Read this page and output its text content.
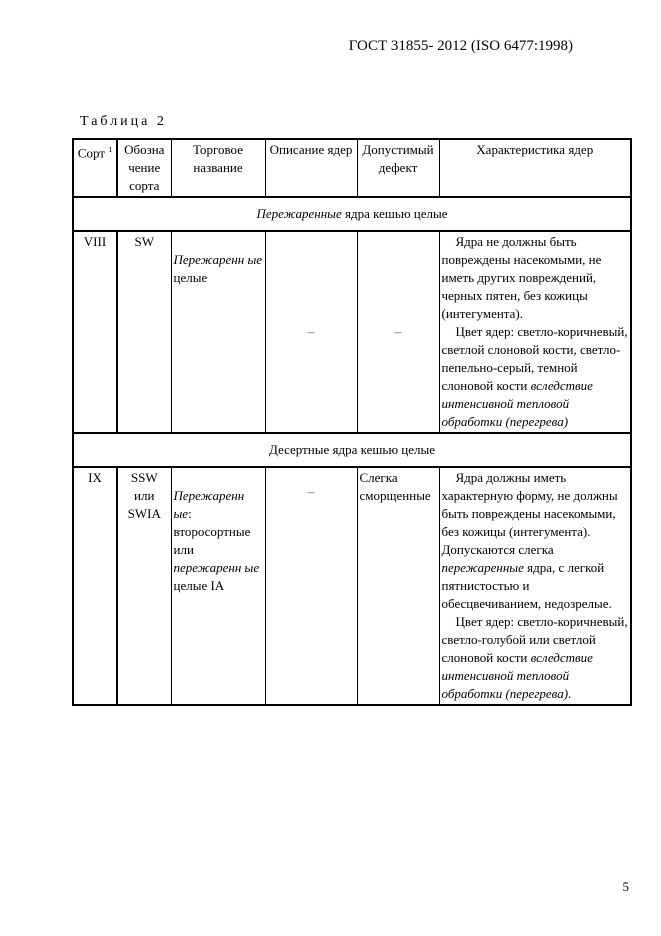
ГОСТ 31855- 2012 (ISO 6477:1998)
Таблица 2
Сорт $^1$	Обозна чение сорта	Торговое название	Описание ядер	Допустимый дефект	Характеристика ядер
Пережаренные ядра кешью целые					
VIII	SW	Пережаренн ые целые	–	–	Ядра не должны быть повреждены насекомыми, не иметь других повреждений, черных пятен, без кожицы (интегумента).

Цвет ядер: светло-коричневый, светлой слоновой кости, светло-пепельно-серый, темной слоновой кости вследствие интенсивной тепловой обработки (перегрева)

Десертные ядра кешью целые					
IX	SSW или SWIA	Пережаренн ые: второсортные или пережаренн ые целые IA	–	Слегка сморщенные	Ядра должны иметь характерную форму, не должны быть повреждены насекомыми, без кожицы (интегумента). Допускаются слегка пережаренные ядра, с легкой пятнистостью и обесцвечиванием, недозрелые.

Цвет ядер: светло-коричневый, светло-голубой или светлой слоновой кости вследствие интенсивной тепловой обработки (перегрева).

5
